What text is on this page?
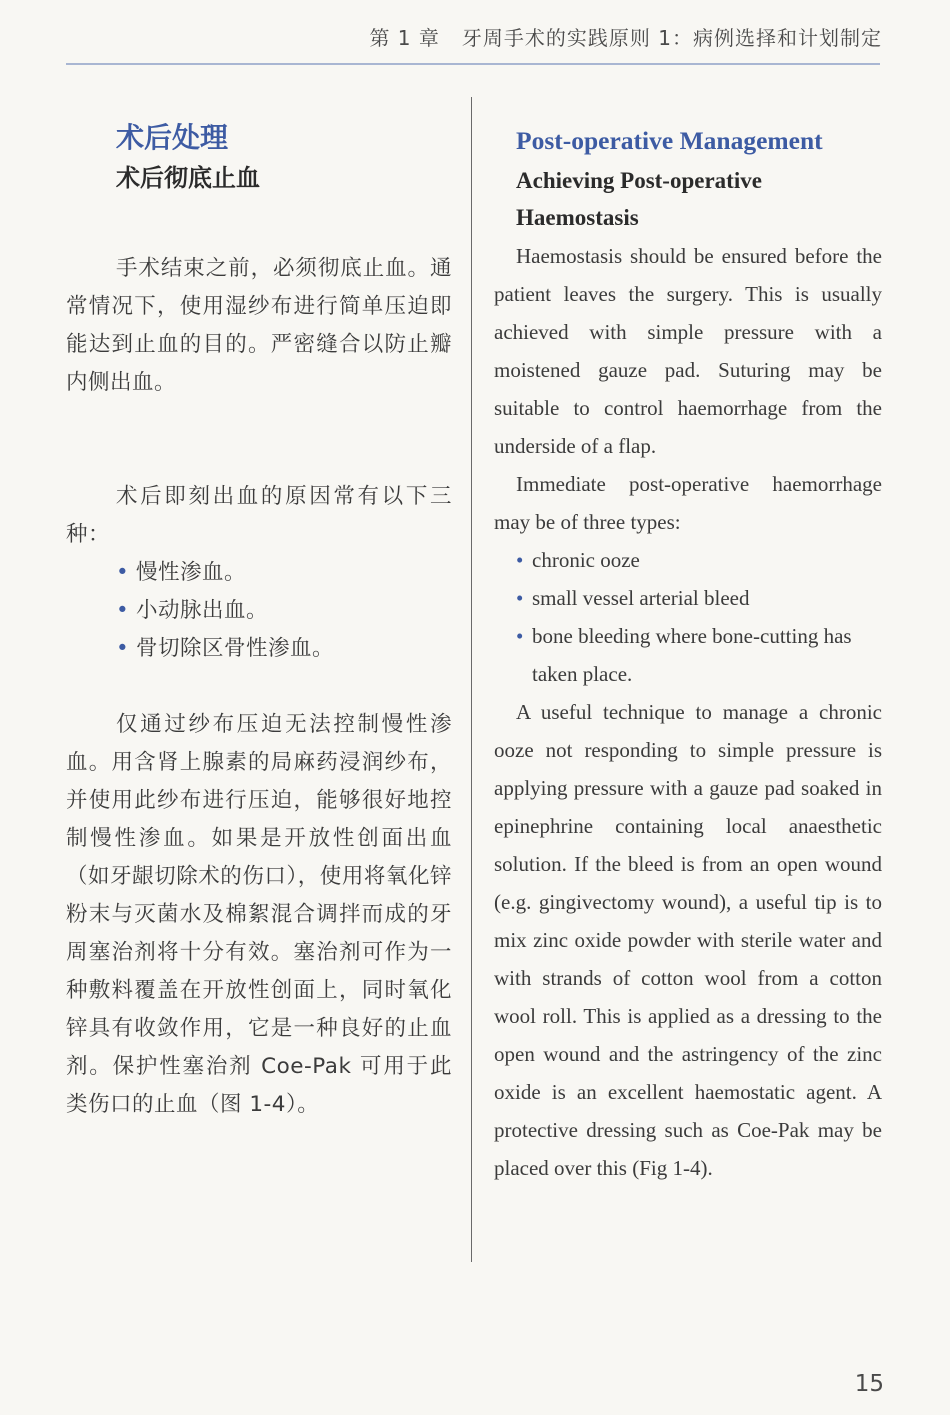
第 1 章 牙周手术的实践原则 1：病例选择和计划制定
术后处理
术后彻底止血

手术结束之前，必须彻底止血。通常情况下，使用湿纱布进行简单压迫即能达到止血的目的。严密缝合以防止瓣内侧出血。

术后即刻出血的原因常有以下三种：

• 慢性渗血。
• 小动脉出血。
• 骨切除区骨性渗血。

仅通过纱布压迫无法控制慢性渗血。用含肾上腺素的局麻药浸润纱布，并使用此纱布进行压迫，能够很好地控制慢性渗血。如果是开放性创面出血（如牙龈切除术的伤口），使用将氧化锌粉末与灭菌水及棉絮混合调拌而成的牙周塞治剂将十分有效。塞治剂可作为一种敷料覆盖在开放性创面上，同时氧化锌具有收敛作用，它是一种良好的止血剂。保护性塞治剂 Coe-Pak 可用于此类伤口的止血（图 1-4）。

Post-operative Management
Achieving Post-operative Haemostasis

Haemostasis should be ensured before the patient leaves the surgery. This is usually achieved with simple pressure with a moistened gauze pad. Suturing may be suitable to control haemorrhage from the underside of a flap.

Immediate post-operative haemorrhage may be of three types:

• chronic ooze
• small vessel arterial bleed
• bone bleeding where bone-cutting has taken place.

A useful technique to manage a chronic ooze not responding to simple pressure is applying pressure with a gauze pad soaked in epinephrine containing local anaesthetic solution. If the bleed is from an open wound (e.g. gingivectomy wound), a useful tip is to mix zinc oxide powder with sterile water and with strands of cotton wool from a cotton wool roll. This is applied as a dressing to the open wound and the astringency of the zinc oxide is an excellent haemostatic agent. A protective dressing such as Coe-Pak may be placed over this (Fig 1-4).

15
